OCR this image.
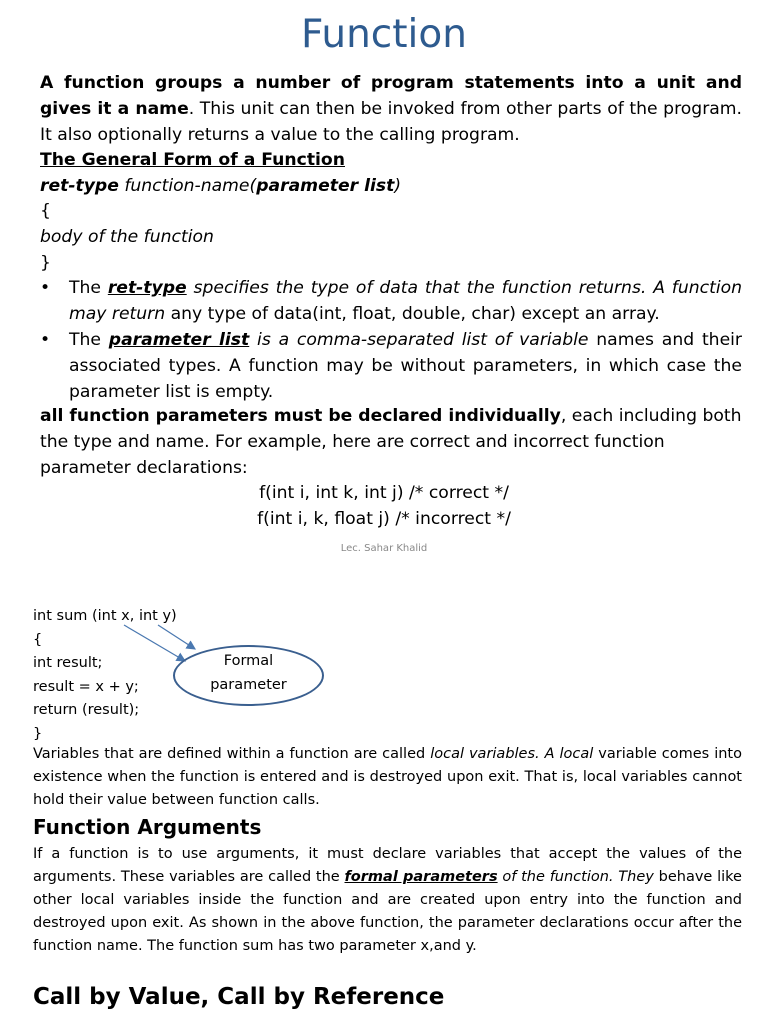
Function
A function groups a number of program statements into a unit and gives it a name. This unit can then be invoked from other parts of the program. It also optionally returns a value to the calling program.
The General Form of a Function
ret-type function-name(parameter list)
{
body of the function
}
• The ret-type specifies the type of data that the function returns. A function may return any type of data(int, float, double, char) except an array.
• The parameter list is a comma-separated list of variable names and their associated types. A function may be without parameters, in which case the parameter list is empty.
all function parameters must be declared individually, each including both the type and name. For example, here are correct and incorrect function parameter declarations:
f(int i, int k, int j) /* correct */
f(int i, k, float j) /* incorrect */
Lec. Sahar Khalid
int sum (int x, int y)
{
int result;
result = x + y;
return (result);
}
Formal
parameter
Variables that are defined within a function are called local variables. A local variable comes into existence when the function is entered and is destroyed upon exit. That is, local variables cannot hold their value between function calls.
Function Arguments
If a function is to use arguments, it must declare variables that accept the values of the arguments. These variables are called the formal parameters of the function. They behave like other local variables inside the function and are created upon entry into the function and destroyed upon exit. As shown in the above function, the parameter declarations occur after the function name. The function sum has two parameter x,and y.
Call by Value, Call by Reference
